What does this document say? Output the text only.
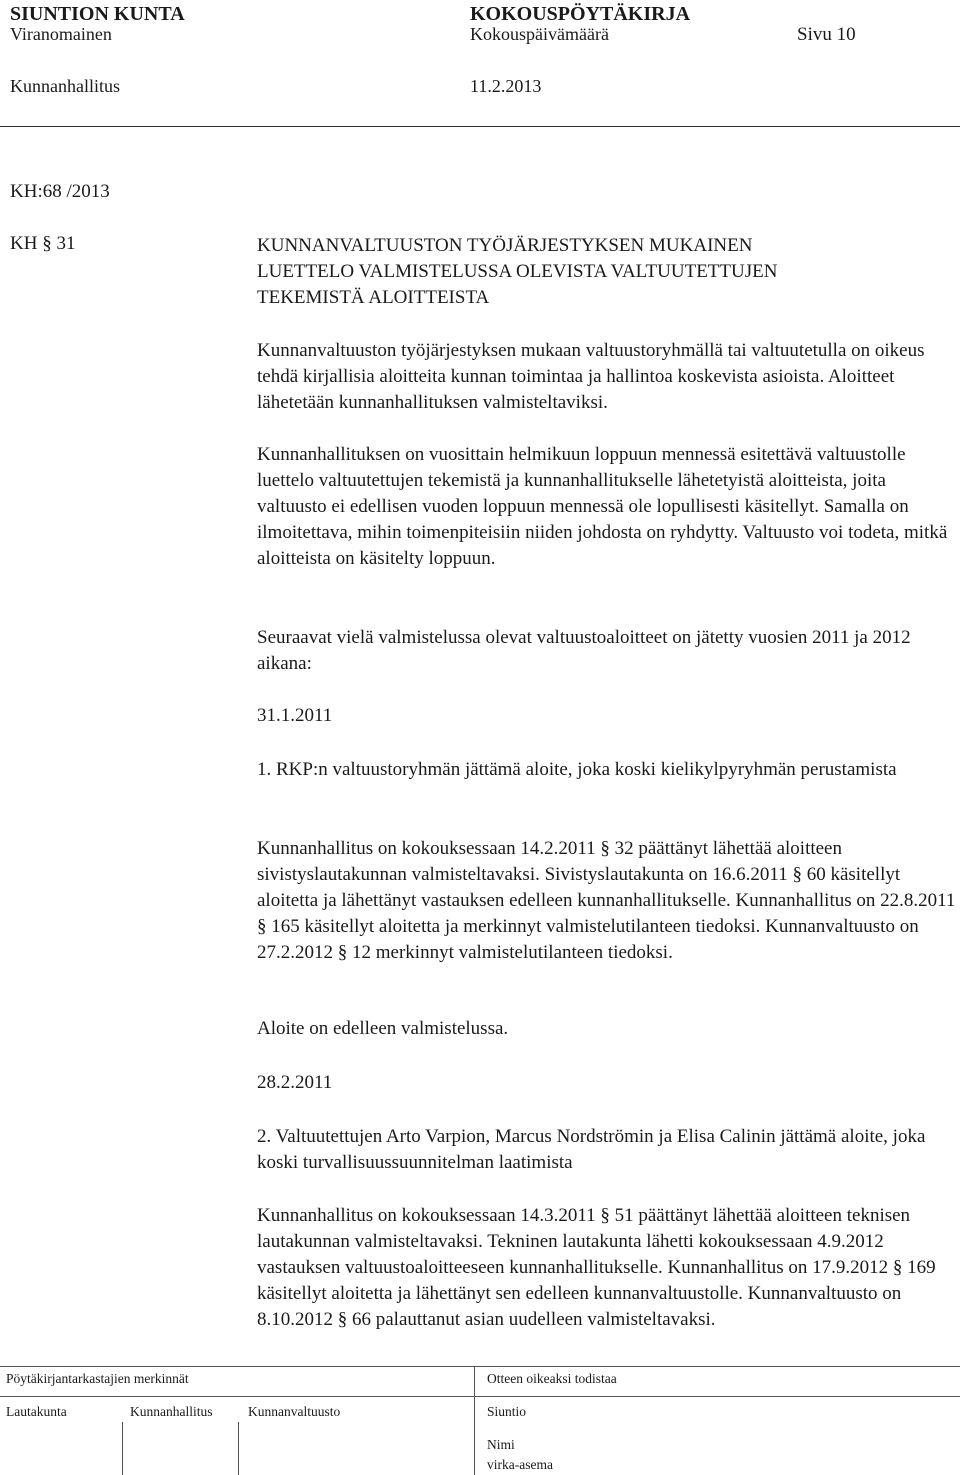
SIUNTION KUNTA	KOKOUSPÖYTÄKIRJA
Viranomainen	Kokouspäivämäärä	Sivu 10
Kunnanhallitus	11.2.2013
KH:68 /2013
KH § 31	KUNNANVALTUUSTON TYÖJÄRJESTYKSEN MUKAINEN
LUETTELO VALMISTELUSSA OLEVISTA VALTUUTETTUJEN
TEKEMISTÄ ALOITTEISTA

Kunnanvaltuuston työjärjestyksen mukaan valtuustoryhmällä tai valtuutetulla on oikeus tehdä kirjallisia aloitteita kunnan toimintaa ja hallintoa koskevista asioista. Aloitteet lähetetään kunnanhallituksen valmisteltaviksi.

Kunnanhallituksen on vuosittain helmikuun loppuun mennessä esitettävä valtuustolle luettelo valtuutettujen tekemistä ja kunnanhallitukselle lähetetyistä aloitteista, joita valtuusto ei edellisen vuoden loppuun mennessä ole lopullisesti käsitellyt. Samalla on ilmoitettava, mihin toimenpiteisiin niiden johdosta on ryhdytty. Valtuusto voi todeta, mitkä aloitteista on käsitelty loppuun.

Seuraavat vielä valmistelussa olevat valtuustoaloitteet on jätetty vuosien 2011 ja 2012 aikana:

31.1.2011

1. RKP:n valtuustoryhmän jättämä aloite, joka koski kielikylpyryhmän perustamista

Kunnanhallitus on kokouksessaan 14.2.2011 § 32 päättänyt lähettää aloitteen sivistyslautakunnan valmisteltavaksi. Sivistyslautakunta on 16.6.2011 § 60 käsitellyt aloitetta ja lähettänyt vastauksen edelleen kunnanhallitukselle. Kunnanhallitus on 22.8.2011 § 165 käsitellyt aloitetta ja merkinnyt valmistelutilanteen tiedoksi. Kunnanvaltuusto on 27.2.2012 § 12 merkinnyt valmistelutilanteen tiedoksi.

Aloite on edelleen valmistelussa.
28.2.2011

2. Valtuutettujen Arto Varpion, Marcus Nordströmin ja Elisa Calinin jättämä aloite, joka koski turvallisuussuunnitelman laatimista

Kunnanhallitus on kokouksessaan 14.3.2011 § 51 päättänyt lähettää aloitteen teknisen lautakunnan valmisteltavaksi. Tekninen lautakunta lähetti kokouksessaan 4.9.2012 vastauksen valtuustoaloitteeseen kunnanhallitukselle. Kunnanhallitus on 17.9.2012 § 169 käsitellyt aloitetta ja lähettänyt sen edelleen kunnanvaltuustolle. Kunnanvaltuusto on 8.10.2012 § 66 palauttanut asian uudelleen valmisteltavaksi.

Pöytäkirjantarkastajien merkinnät	Otteen oikeaksi todistaa
Lautakunta	Kunnanhallitus	Kunnanvaltuusto	Siuntio
Nimi
virka-asema
